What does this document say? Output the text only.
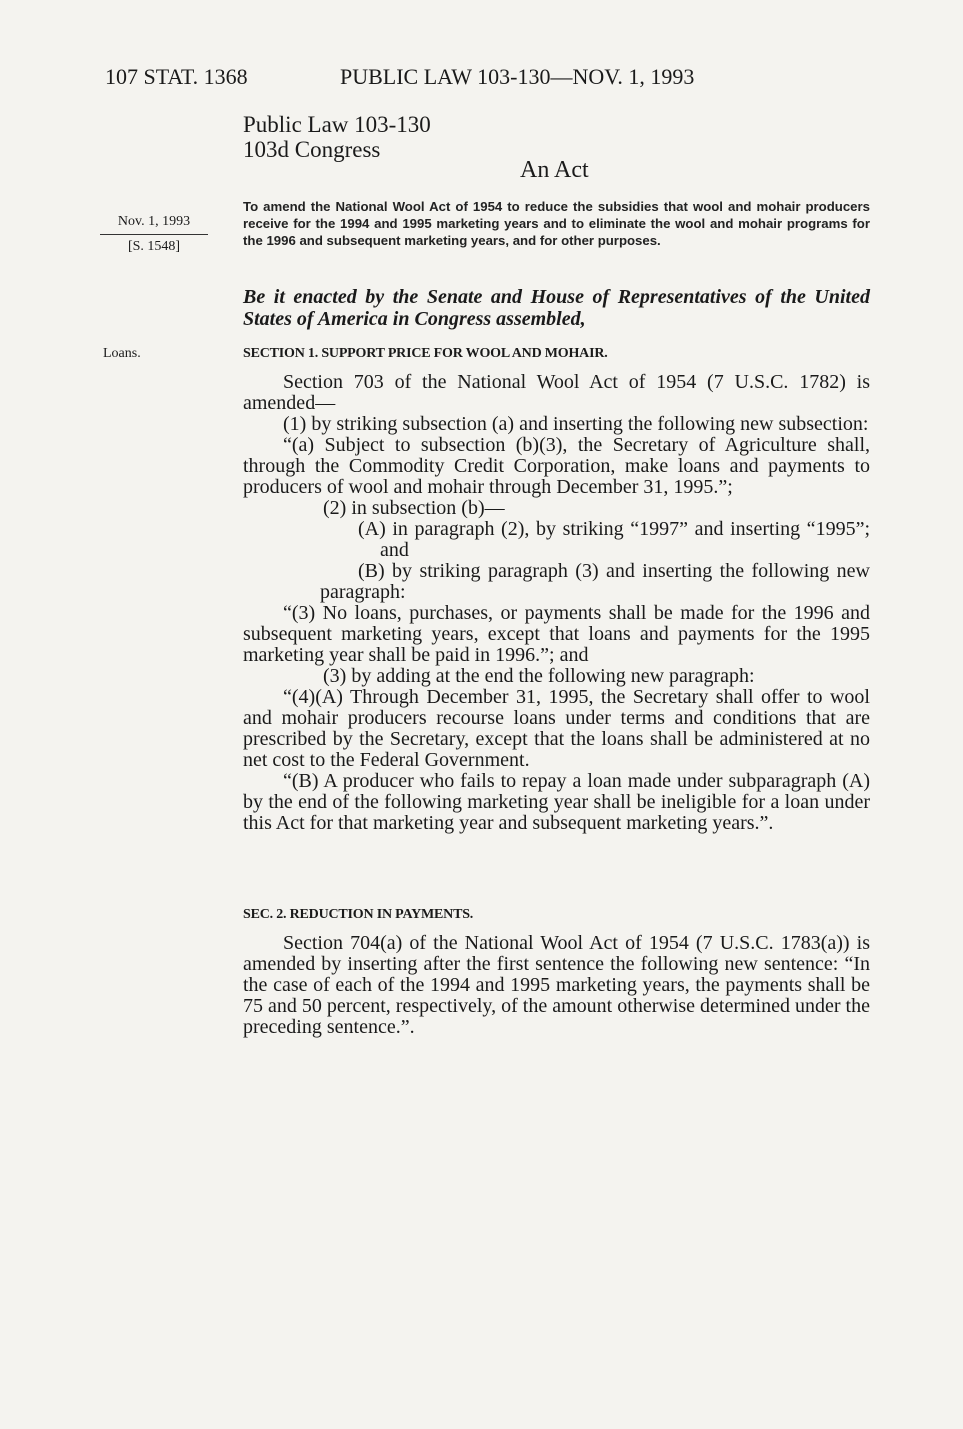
107 STAT. 1368	PUBLIC LAW 103-130—NOV. 1, 1993
Public Law 103-130
103d Congress
An Act
Nov. 1, 1993
[S. 1548]
To amend the National Wool Act of 1954 to reduce the subsidies that wool and mohair producers receive for the 1994 and 1995 marketing years and to eliminate the wool and mohair programs for the 1996 and subsequent marketing years, and for other purposes.
Be it enacted by the Senate and House of Representatives of the United States of America in Congress assembled,
Loans.	SECTION 1. SUPPORT PRICE FOR WOOL AND MOHAIR.

Section 703 of the National Wool Act of 1954 (7 U.S.C. 1782) is amended—

(1) by striking subsection (a) and inserting the following new subsection:

“(a) Subject to subsection (b)(3), the Secretary of Agriculture shall, through the Commodity Credit Corporation, make loans and payments to producers of wool and mohair through December 31, 1995.”;

(2) in subsection (b)—

(A) in paragraph (2), by striking “1997” and inserting “1995”; and

(B) by striking paragraph (3) and inserting the following new paragraph:

“(3) No loans, purchases, or payments shall be made for the 1996 and subsequent marketing years, except that loans and payments for the 1995 marketing year shall be paid in 1996.”; and

(3) by adding at the end the following new paragraph:

“(4)(A) Through December 31, 1995, the Secretary shall offer to wool and mohair producers recourse loans under terms and conditions that are prescribed by the Secretary, except that the loans shall be administered at no net cost to the Federal Government.

“(B) A producer who fails to repay a loan made under subparagraph (A) by the end of the following marketing year shall be ineligible for a loan under this Act for that marketing year and subsequent marketing years.”.

SEC. 2. REDUCTION IN PAYMENTS.

Section 704(a) of the National Wool Act of 1954 (7 U.S.C. 1783(a)) is amended by inserting after the first sentence the following new sentence: “In the case of each of the 1994 and 1995 marketing years, the payments shall be 75 and 50 percent, respectively, of the amount otherwise determined under the preceding sentence.”.
